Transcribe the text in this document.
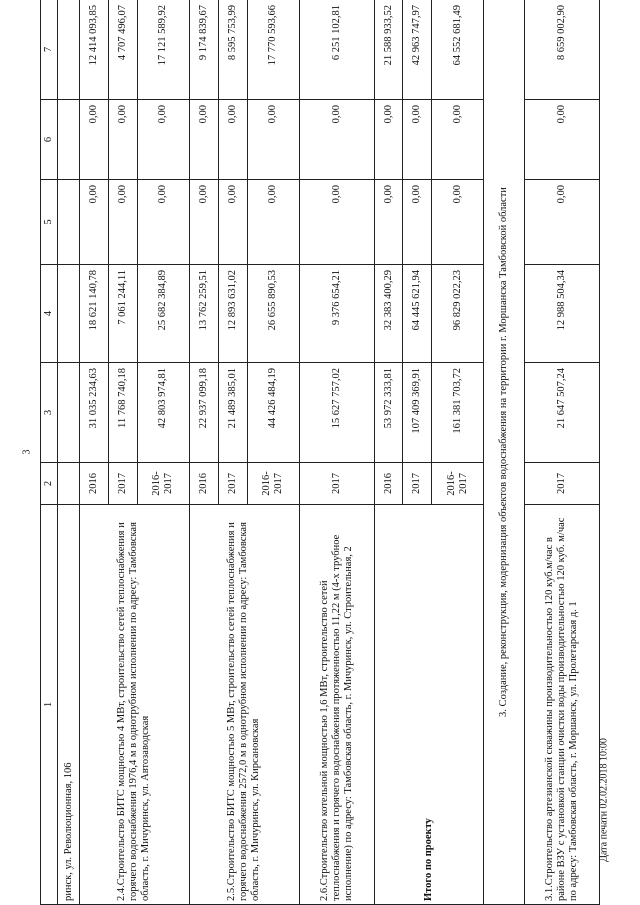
3
1	2	3	4	5	6	7
ринск, ул. Революционная, 106						
2.4.Строительство БИТС мощностью 4 МВт, строительство сетей теплоснабжения и горячего водоснабжения 1976,4 м в однотрубном исполнении по адресу: Тамбовская область, г. Мичуринск, ул. Автозаводская	2016	31 035 234,63	18 621 140,78	0,00	0,00	12 414 093,85
	2017	11 768 740,18	7 061 244,11	0,00	0,00	4 707 496,07
	2016-2017	42 803 974,81	25 682 384,89	0,00	0,00	17 121 589,92
2.5.Строительство БИТС мощностью 5 МВт, строительство сетей теплоснабжения и горячего водоснабжения 2572,0 м в однотрубном исполнении по адресу: Тамбовская область, г. Мичуринск, ул. Кирсановская	2016	22 937 099,18	13 762 259,51	0,00	0,00	9 174 839,67
	2017	21 489 385,01	12 893 631,02	0,00	0,00	8 595 753,99
	2016-2017	44 426 484,19	26 655 890,53	0,00	0,00	17 770 593,66
2.6.Строительство котельной мощностью 1,6 МВт, строительство сетей теплоснабжения и горячего водоснабжения протяженностью 11,22 м (4-х трубное исполнение) по адресу: Тамбовская область, г. Мичуринск, ул. Строительная, 2	2017	15 627 757,02	9 376 654,21	0,00	0,00	6 251 102,81
Итого по проекту	2016	53 972 333,81	32 383 400,29	0,00	0,00	21 588 933,52
	2017	107 409 369,91	64 445 621,94	0,00	0,00	42 963 747,97
	2016-2017	161 381 703,72	96 829 022,23	0,00	0,00	64 552 681,49
3. Создание, реконструкция, модернизация объектов водоснабжения на территории г. Моршанска Тамбовской области						
3.1.Строительство артезианской скважины производительностью 120 куб.м/час в районе ВЗУ с установкой станции очистки воды производительностью 120 куб. м/час по адресу: Тамбовская область, г. Моршанск, ул. Пролетарская д. 1	2017	21 647 507,24	12 988 504,34	0,00	0,00	8 659 002,90
Дата печати 02.02.2018 10:00
